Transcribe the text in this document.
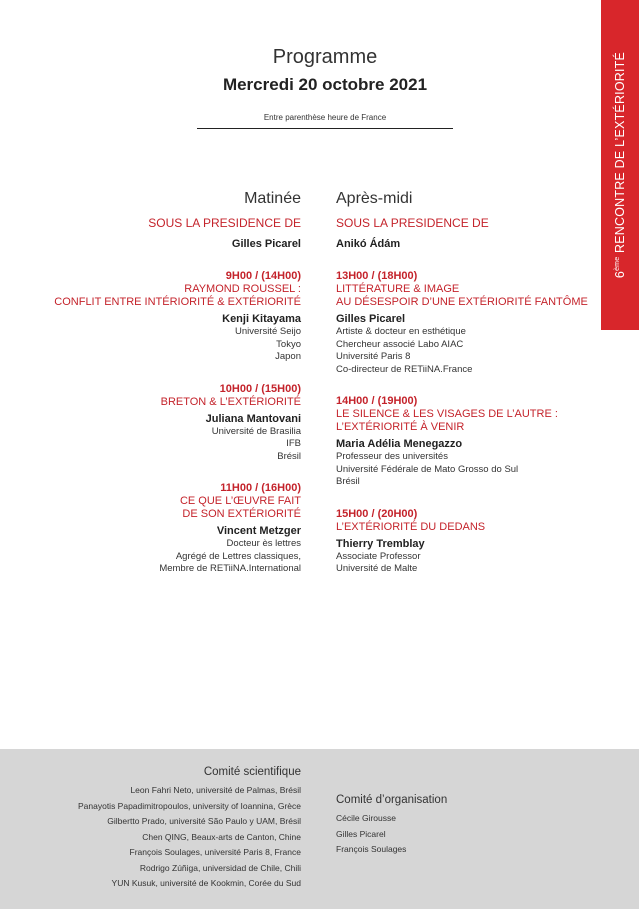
6ème RENCONTRE DE L’EXTÉRIORITÉ
Programme
Mercredi 20 octobre 2021
Entre parenthèse heure de France
Matinée
SOUS LA PRESIDENCE DE
Gilles Picarel
9H00 / (14H00)
RAYMOND ROUSSEL :
CONFLIT ENTRE INTÉRIORITÉ & EXTÉRIORITÉ
Kenji Kitayama
Université Seijo
Tokyo
Japon
10H00 / (15H00)
BRETON & L’EXTÉRIORITÉ
Juliana Mantovani
Université de Brasilia
IFB
Brésil
11H00 / (16H00)
CE QUE L’ŒUVRE FAIT
DE SON EXTÉRIORITÉ
Vincent Metzger
Docteur ès lettres
Agrégé de Lettres classiques,
Membre de RETiiNA.International
Après-midi
SOUS LA PRESIDENCE DE
Anikó Ádám
13H00 / (18H00)
LITTÉRATURE & IMAGE
AU DÉSESPOIR D’UNE EXTÉRIORITÉ FANTÔME
Gilles Picarel
Artiste & docteur en esthétique
Chercheur associé Labo AIAC
Université Paris 8
Co-directeur de RETiiNA.France
14H00 / (19H00)
LE SILENCE & LES VISAGES DE L’AUTRE :
L’EXTÉRIORITÉ À VENIR
Maria Adélia Menegazzo
Professeur des universités
Université Fédérale de Mato Grosso do Sul
Brésil
15H00 / (20H00)
L’EXTÉRIORITÉ DU DEDANS
Thierry Tremblay
Associate Professor
Université de Malte
Comité scientifique
Leon Fahri Neto, université de Palmas, Brésil
Panayotis Papadimitropoulos, university of Ioannina, Grèce
Gilbertto Prado, université São Paulo y UAM, Brésil
Chen QING, Beaux-arts de Canton, Chine
François Soulages, université Paris 8, France
Rodrigo Zúñiga, universidad de Chile, Chili
YUN Kusuk, université de Kookmin, Corée du Sud
Comité d’organisation
Cécile Girousse
Gilles Picarel
François Soulages
